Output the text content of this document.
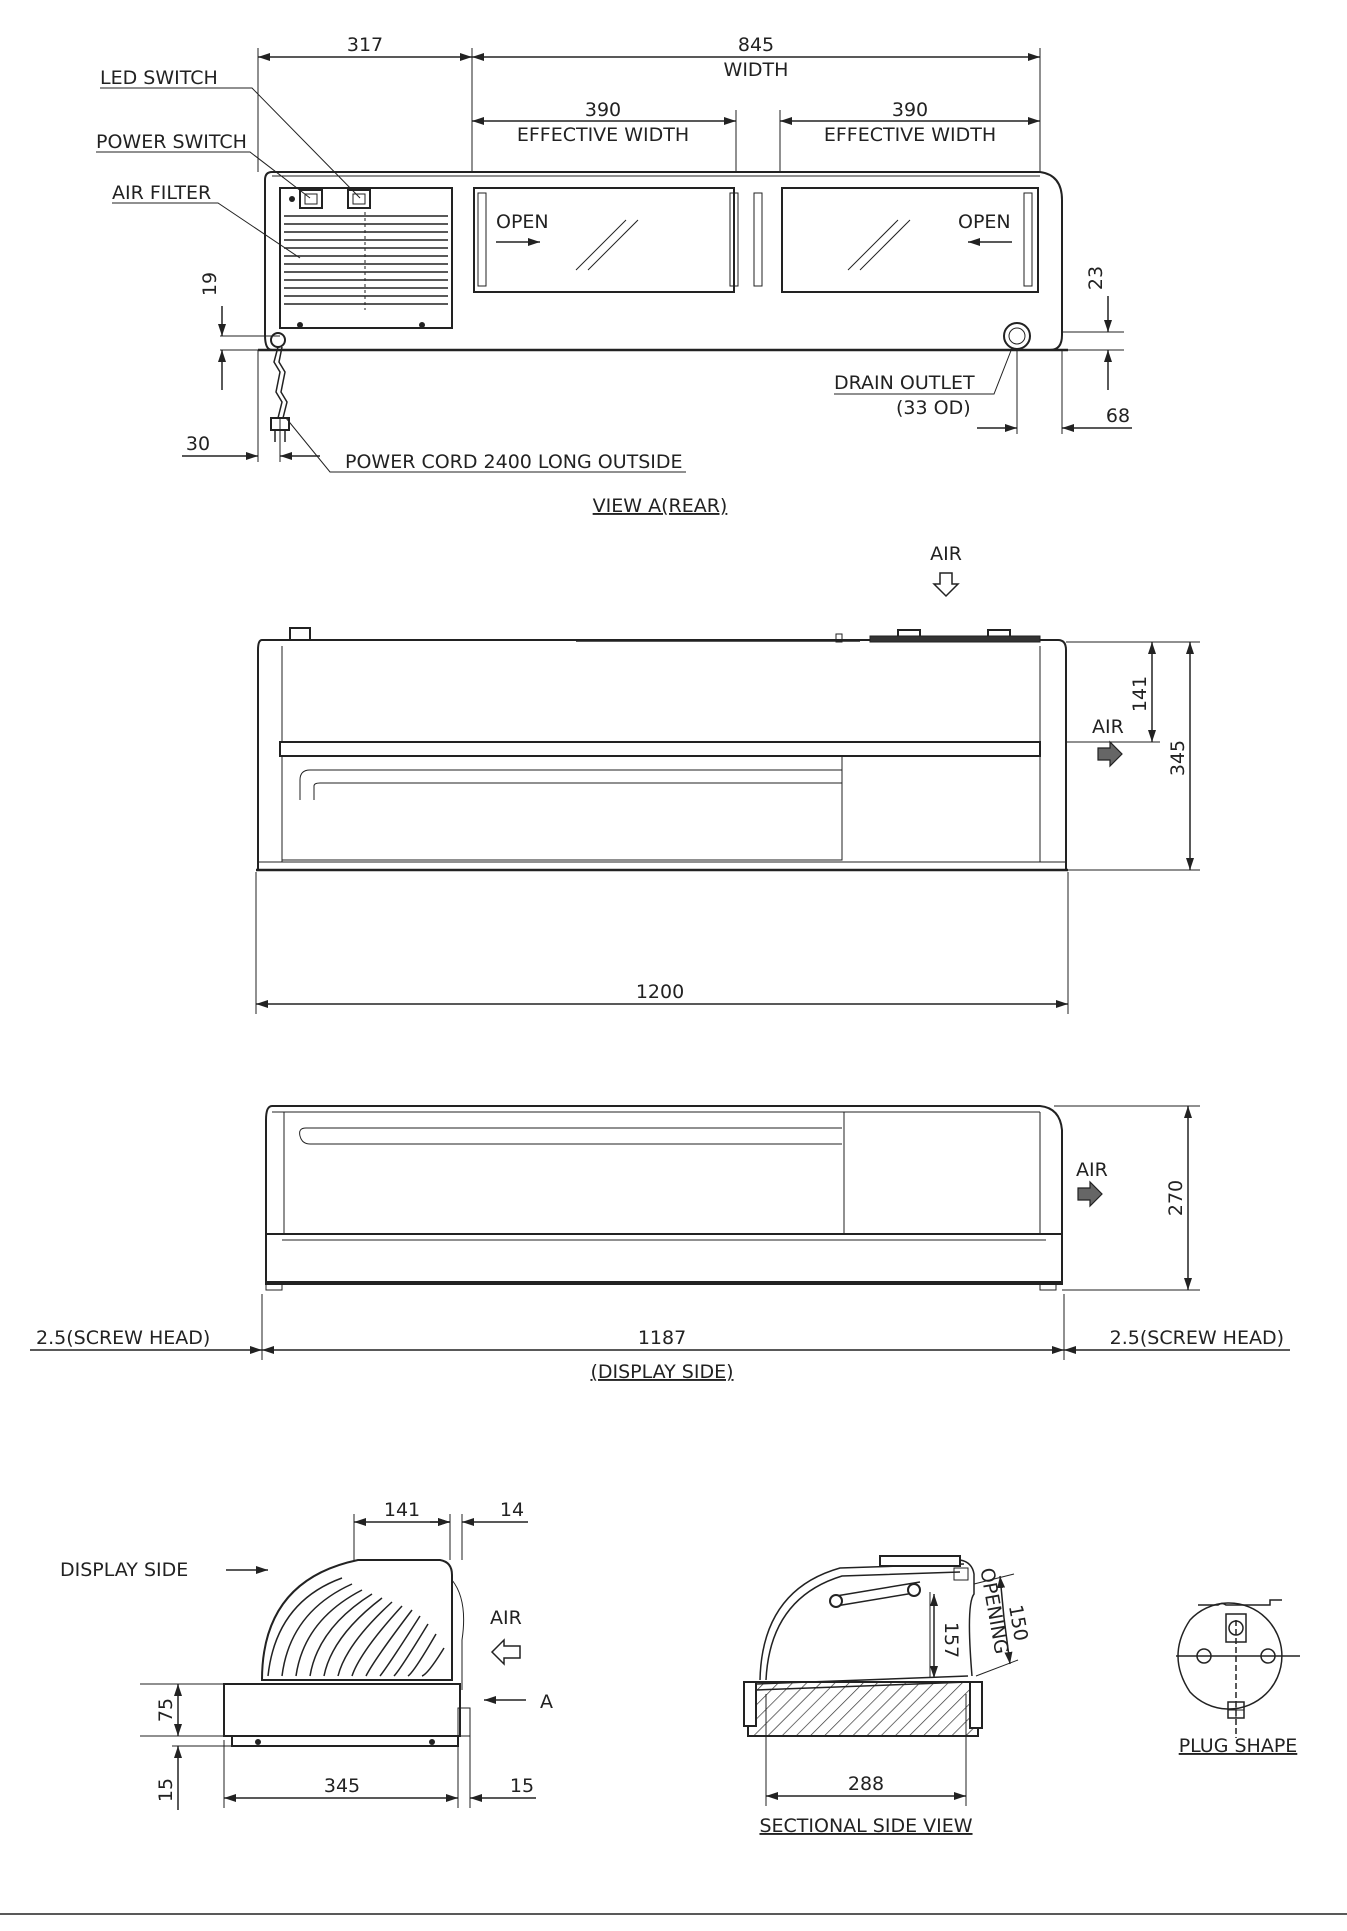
317	845
WIDTH
390
EFFECTIVE WIDTH
390
EFFECTIVE WIDTH
OPEN	OPEN
LED SWITCH
POWER SWITCH
AIR FILTER
19	23
DRAIN OUTLET
(33 OD)	68
30
POWER CORD 2400 LONG OUTSIDE
VIEW A(REAR)
AIR
AIR
141
345
1200
AIR
270
2.5(SCREW HEAD)	1187	2.5(SCREW HEAD)
(DISPLAY SIDE)
141	14
DISPLAY SIDE
AIR
A
75
15	345	15
157 150
OPENING
288
SECTIONAL SIDE VIEW
PLUG SHAPE
